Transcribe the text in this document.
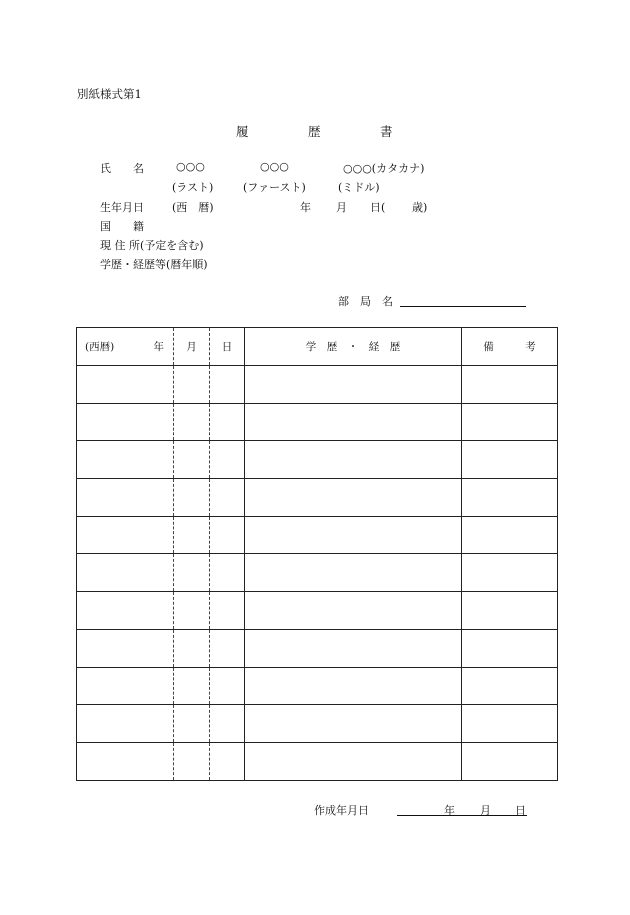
別紙様式第1
履	歴	書
氏　　名	○○○	○○○	○○○(カタカナ)
(ラスト)	(ファースト)	(ミドル)
生年月日	(西　暦)	年 月 日( 歳)
国　　籍
現 住 所(予定を含む)
学歴・経歴等(暦年順)
部　局　名
(西暦) 年	月	日	学　歴　・　経　歴	備　　　考

作成年月日	年 月 日
